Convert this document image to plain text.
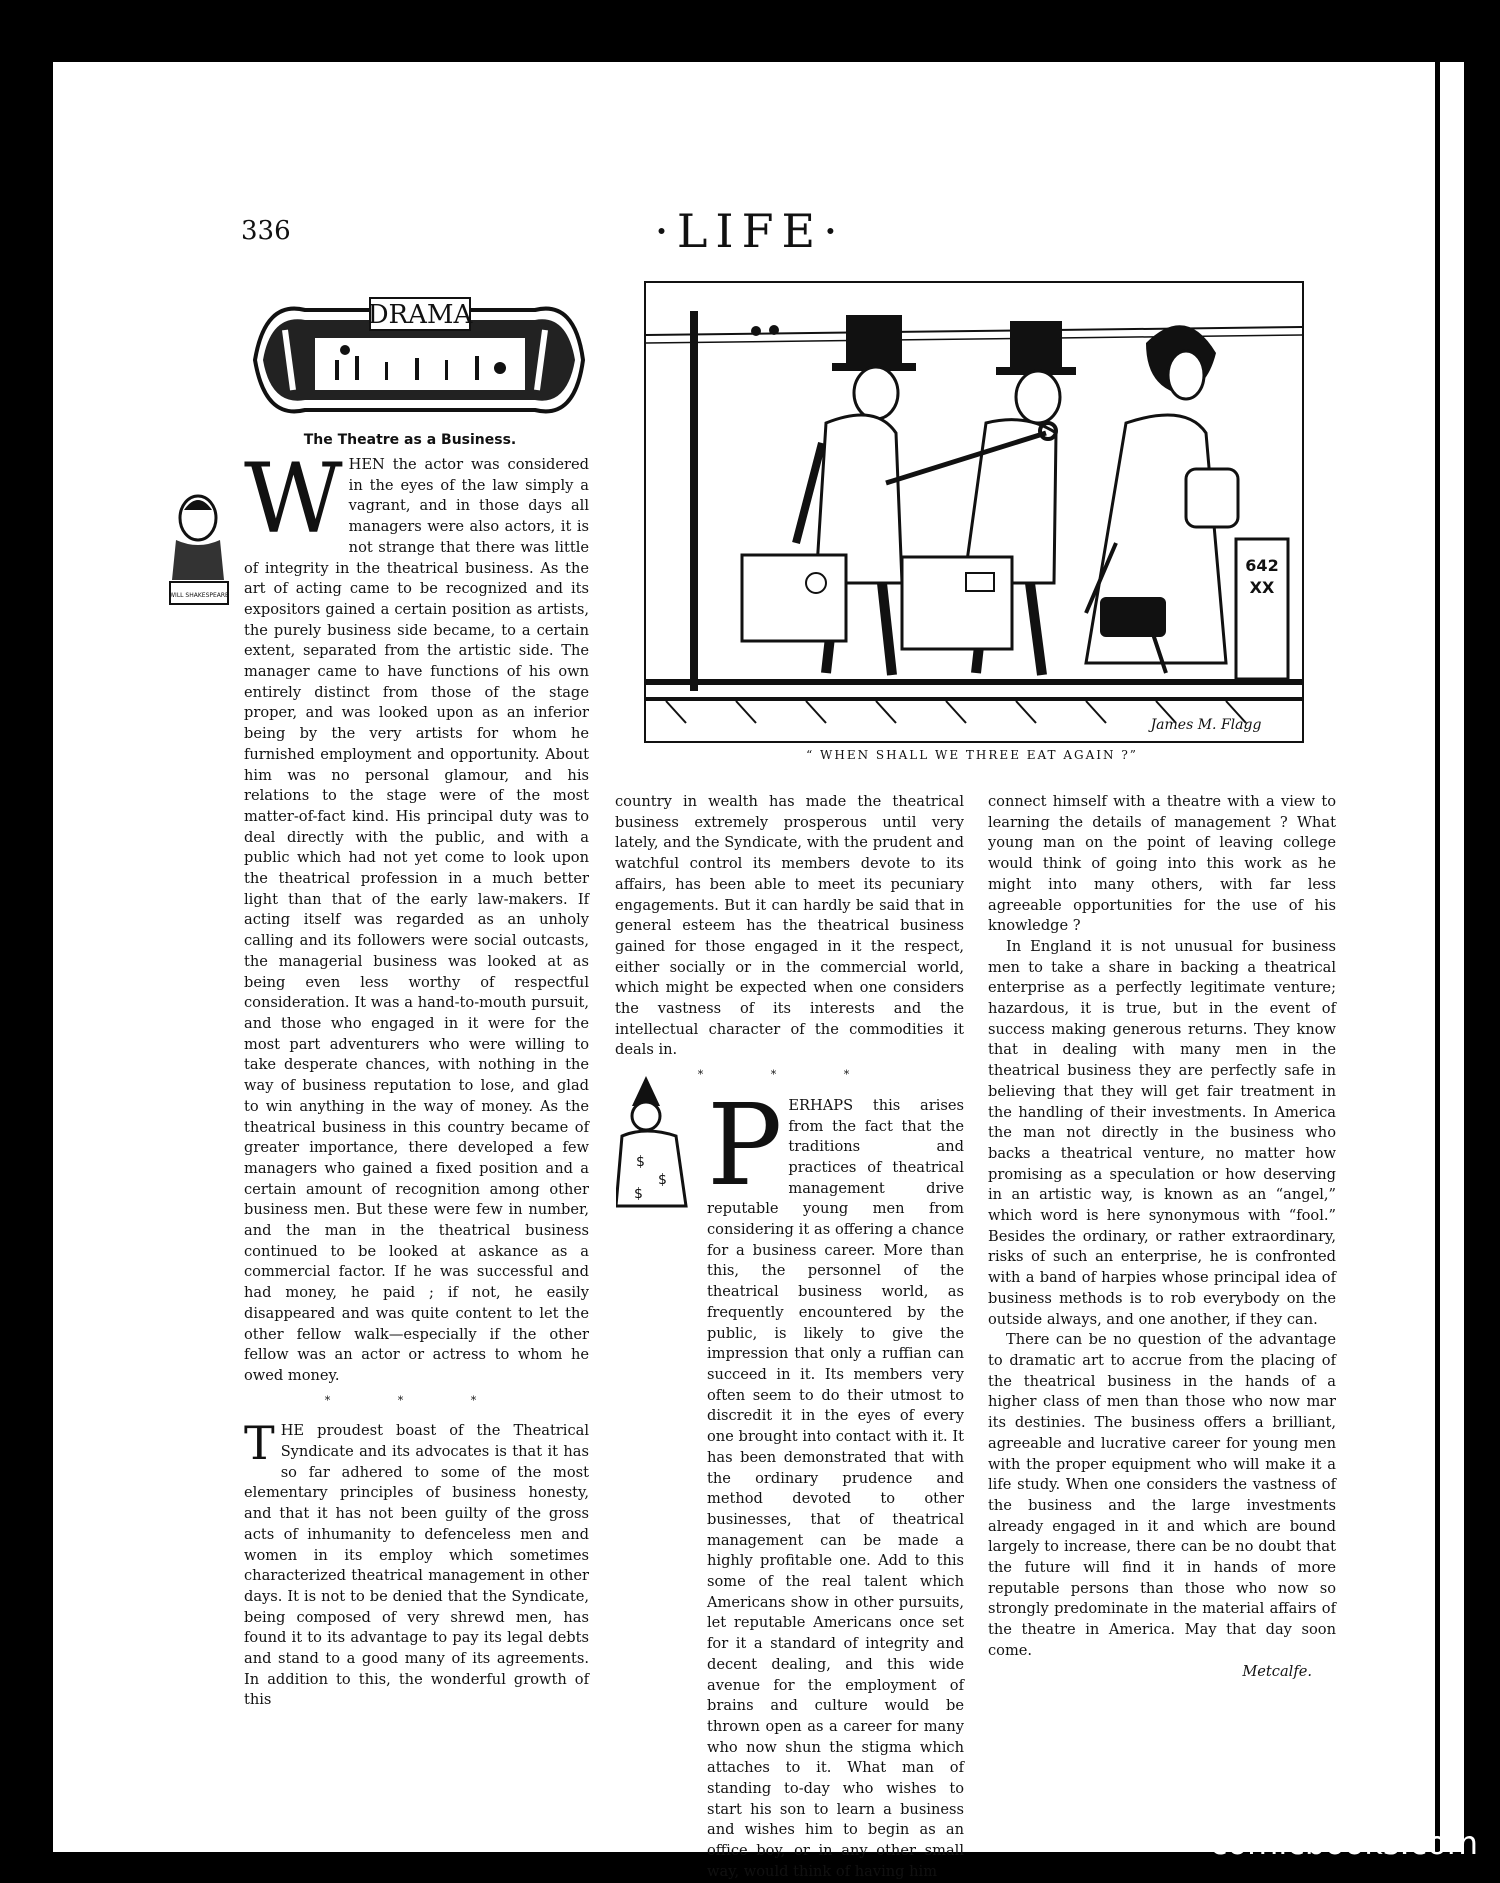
336	·LIFE·
DRAMA
The Theatre as a Business.
WILL SHAKESPEARE

WHEN the actor was considered in the eyes of the law simply a vagrant, and in those days all managers were also actors, it is not strange that there was little of integrity in the theatrical business. As the art of acting came to be recognized and its expositors gained a certain position as artists, the purely business side became, to a certain extent, separated from the artistic side. The manager came to have functions of his own entirely distinct from those of the stage proper, and was looked upon as an inferior being by the very artists for whom he furnished employment and opportunity. About him was no personal glamour, and his relations to the stage were of the most matter-of-fact kind. His principal duty was to deal directly with the public, and with a public which had not yet come to look upon the theatrical profession in a much better light than that of the early law-makers. If acting itself was regarded as an unholy calling and its followers were social outcasts, the managerial business was looked at as being even less worthy of respectful consideration. It was a hand-to-mouth pursuit, and those who engaged in it were for the most part adventurers who were willing to take desperate chances, with nothing in the way of business reputation to lose, and glad to win anything in the way of money. As the theatrical business in this country became of greater importance, there developed a few managers who gained a fixed position and a certain amount of recognition among other business men. But these were few in number, and the man in the theatrical business continued to be looked at askance as a commercial factor. If he was successful and had money, he paid ; if not, he easily disappeared and was quite content to let the other fellow walk—especially if the other fellow was an actor or actress to whom he owed money.

* * *

THE proudest boast of the Theatrical Syndicate and its advocates is that it has so far adhered to some of the most elementary principles of business honesty, and that it has not been guilty of the gross acts of inhumanity to defenceless men and women in its employ which sometimes characterized theatrical management in other days. It is not to be denied that the Syndicate, being composed of very shrewd men, has found it to its advantage to pay its legal debts and stand to a good many of its agreements. In addition to this, the wonderful growth of this

642
XX
James M. Flagg
“ WHEN SHALL WE THREE EAT AGAIN ?”
$
$
$

country in wealth has made the theatrical business extremely prosperous until very lately, and the Syndicate, with the prudent and watchful control its members devote to its affairs, has been able to meet its pecuniary engagements. But it can hardly be said that in general esteem has the theatrical business gained for those engaged in it the respect, either socially or in the commercial world, which might be expected when one considers the vastness of its interests and the intellectual character of the commodities it deals in.

* * *

PERHAPS this arises from the fact that the traditions and practices of theatrical management drive reputable young men from considering it as offering a chance for a business career. More than this, the personnel of the theatrical business world, as frequently encountered by the public, is likely to give the impression that only a ruffian can succeed in it. Its members very often seem to do their utmost to discredit it in the eyes of every one brought into contact with it. It has been demonstrated that with the ordinary prudence and method devoted to other businesses, that of theatrical management can be made a highly profitable one. Add to this some of the real talent which Americans show in other pursuits, let reputable Americans once set for it a standard of integrity and decent dealing, and this wide avenue for the employment of brains and culture would be thrown open as a career for many who now shun the stigma which attaches to it. What man of standing to-day who wishes to start his son to learn a business and wishes him to begin as an office boy, or in any other small way, would think of having him

connect himself with a theatre with a view to learning the details of management ? What young man on the point of leaving college would think of going into this work as he might into many others, with far less agreeable opportunities for the use of his knowledge ?

In England it is not unusual for business men to take a share in backing a theatrical enterprise as a perfectly legitimate venture; hazardous, it is true, but in the event of success making generous returns. They know that in dealing with many men in the theatrical business they are perfectly safe in believing that they will get fair treatment in the handling of their investments. In America the man not directly in the business who backs a theatrical venture, no matter how promising as a speculation or how deserving in an artistic way, is known as an “angel,” which word is here synonymous with “fool.” Besides the ordinary, or rather extraordinary, risks of such an enterprise, he is confronted with a band of harpies whose principal idea of business methods is to rob everybody on the outside always, and one another, if they can.

There can be no question of the advantage to dramatic art to accrue from the placing of the theatrical business in the hands of a higher class of men than those who now mar its destinies. The business offers a brilliant, agreeable and lucrative career for young men with the proper equipment who will make it a life study. When one considers the vastness of the business and the large investments already engaged in it and which are bound largely to increase, there can be no doubt that the future will find it in hands of more reputable persons than those who now so strongly predominate in the material affairs of the theatre in America. May that day soon come.

Metcalfe.

comicbooks.com
